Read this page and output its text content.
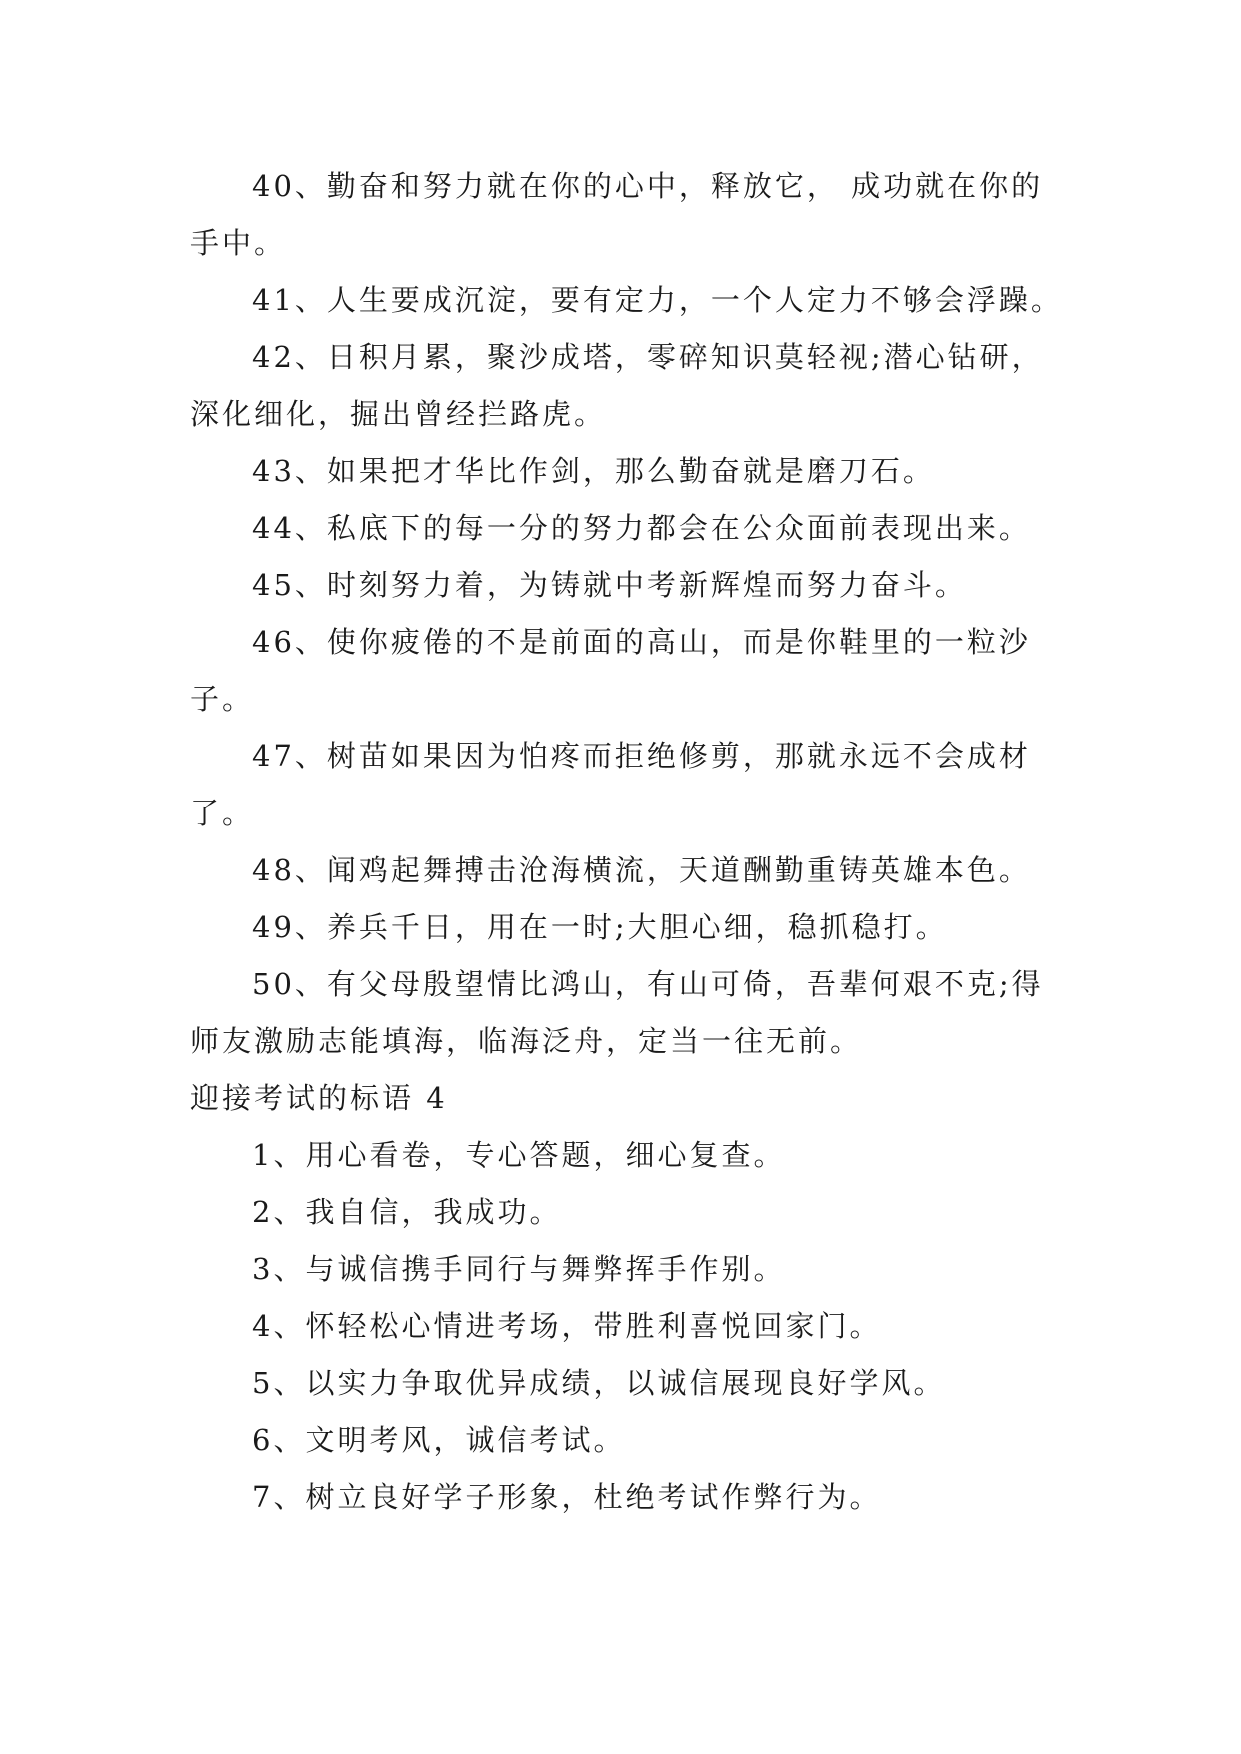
40、勤奋和努力就在你的心中，释放它， 成功就在你的手中。

41、人生要成沉淀，要有定力，一个人定力不够会浮躁。

42、日积月累，聚沙成塔，零碎知识莫轻视;潜心钻研，深化细化，掘出曾经拦路虎。

43、如果把才华比作剑，那么勤奋就是磨刀石。

44、私底下的每一分的努力都会在公众面前表现出来。

45、时刻努力着，为铸就中考新辉煌而努力奋斗。

46、使你疲倦的不是前面的高山，而是你鞋里的一粒沙子。

47、树苗如果因为怕疼而拒绝修剪，那就永远不会成材了。

48、闻鸡起舞搏击沧海横流，天道酬勤重铸英雄本色。

49、养兵千日，用在一时;大胆心细，稳抓稳打。

50、有父母殷望情比鸿山，有山可倚，吾辈何艰不克;得师友激励志能填海，临海泛舟，定当一往无前。

迎接考试的标语 4

1、用心看卷，专心答题，细心复查。

2、我自信，我成功。

3、与诚信携手同行与舞弊挥手作别。

4、怀轻松心情进考场，带胜利喜悦回家门。

5、以实力争取优异成绩，以诚信展现良好学风。

6、文明考风，诚信考试。

7、树立良好学子形象，杜绝考试作弊行为。
